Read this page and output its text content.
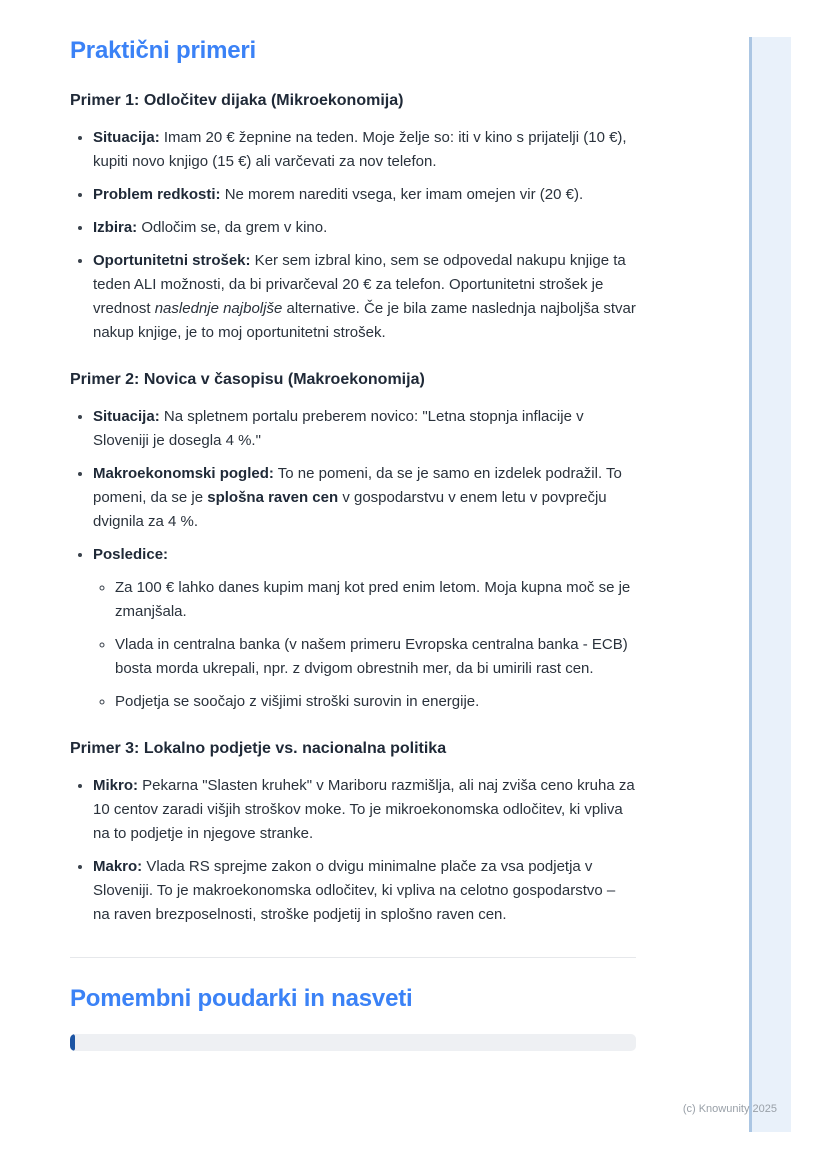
Praktični primeri
Primer 1: Odločitev dijaka (Mikroekonomija)
• Situacija: Imam 20 € žepnine na teden. Moje želje so: iti v kino s prijatelji (10 €), kupiti novo knjigo (15 €) ali varčevati za nov telefon.
• Problem redkosti: Ne morem narediti vsega, ker imam omejen vir (20 €).
• Izbira: Odločim se, da grem v kino.
• Oportunitetni strošek: Ker sem izbral kino, sem se odpovedal nakupu knjige ta teden ALI možnosti, da bi privarčeval 20 € za telefon. Oportunitetni strošek je vrednost naslednje najboljše alternative. Če je bila zame naslednja najboljša stvar nakup knjige, je to moj oportunitetni strošek.
Primer 2: Novica v časopisu (Makroekonomija)
• Situacija: Na spletnem portalu preberem novico: "Letna stopnja inflacije v Sloveniji je dosegla 4 %."
• Makroekonomski pogled: To ne pomeni, da se je samo en izdelek podražil. To pomeni, da se je splošna raven cen v gospodarstvu v enem letu v povprečju dvignila za 4 %.
• Posledice:
◦ Za 100 € lahko danes kupim manj kot pred enim letom. Moja kupna moč se je zmanjšala.
◦ Vlada in centralna banka (v našem primeru Evropska centralna banka - ECB) bosta morda ukrepali, npr. z dvigom obrestnih mer, da bi umirili rast cen.
◦ Podjetja se soočajo z višjimi stroški surovin in energije.
Primer 3: Lokalno podjetje vs. nacionalna politika
• Mikro: Pekarna "Slasten kruhek" v Mariboru razmišlja, ali naj zviša ceno kruha za 10 centov zaradi višjih stroškov moke. To je mikroekonomska odločitev, ki vpliva na to podjetje in njegove stranke.
• Makro: Vlada RS sprejme zakon o dvigu minimalne plače za vsa podjetja v Sloveniji. To je makroekonomska odločitev, ki vpliva na celotno gospodarstvo – na raven brezposelnosti, stroške podjetij in splošno raven cen.
Pomembni poudarki in nasveti
(c) Knowunity 2025
